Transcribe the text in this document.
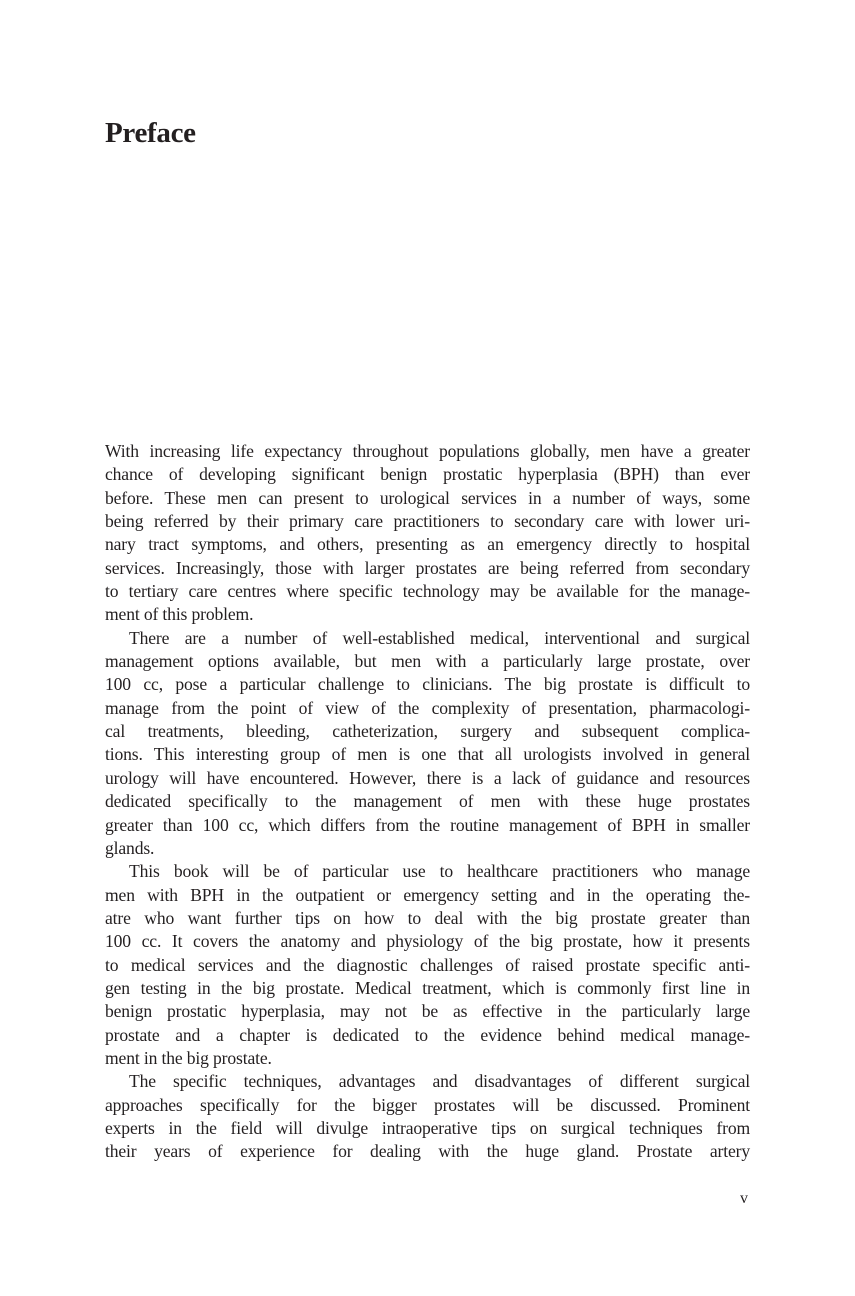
Preface
With increasing life expectancy throughout populations globally, men have a greater
chance of developing significant benign prostatic hyperplasia (BPH) than ever
before. These men can present to urological services in a number of ways, some
being referred by their primary care practitioners to secondary care with lower uri-
nary tract symptoms, and others, presenting as an emergency directly to hospital
services. Increasingly, those with larger prostates are being referred from secondary
to tertiary care centres where specific technology may be available for the manage-
ment of this problem.
There are a number of well-established medical, interventional and surgical
management options available, but men with a particularly large prostate, over
100 cc, pose a particular challenge to clinicians. The big prostate is difficult to
manage from the point of view of the complexity of presentation, pharmacologi-
cal treatments, bleeding, catheterization, surgery and subsequent complica-
tions. This interesting group of men is one that all urologists involved in general
urology will have encountered. However, there is a lack of guidance and resources
dedicated specifically to the management of men with these huge prostates
greater than 100 cc, which differs from the routine management of BPH in smaller
glands.
This book will be of particular use to healthcare practitioners who manage
men with BPH in the outpatient or emergency setting and in the operating the-
atre who want further tips on how to deal with the big prostate greater than
100 cc. It covers the anatomy and physiology of the big prostate, how it presents
to medical services and the diagnostic challenges of raised prostate specific anti-
gen testing in the big prostate. Medical treatment, which is commonly first line in
benign prostatic hyperplasia, may not be as effective in the particularly large
prostate and a chapter is dedicated to the evidence behind medical manage-
ment in the big prostate.
The specific techniques, advantages and disadvantages of different surgical
approaches specifically for the bigger prostates will be discussed. Prominent
experts in the field will divulge intraoperative tips on surgical techniques from
their years of experience for dealing with the huge gland. Prostate artery
v
